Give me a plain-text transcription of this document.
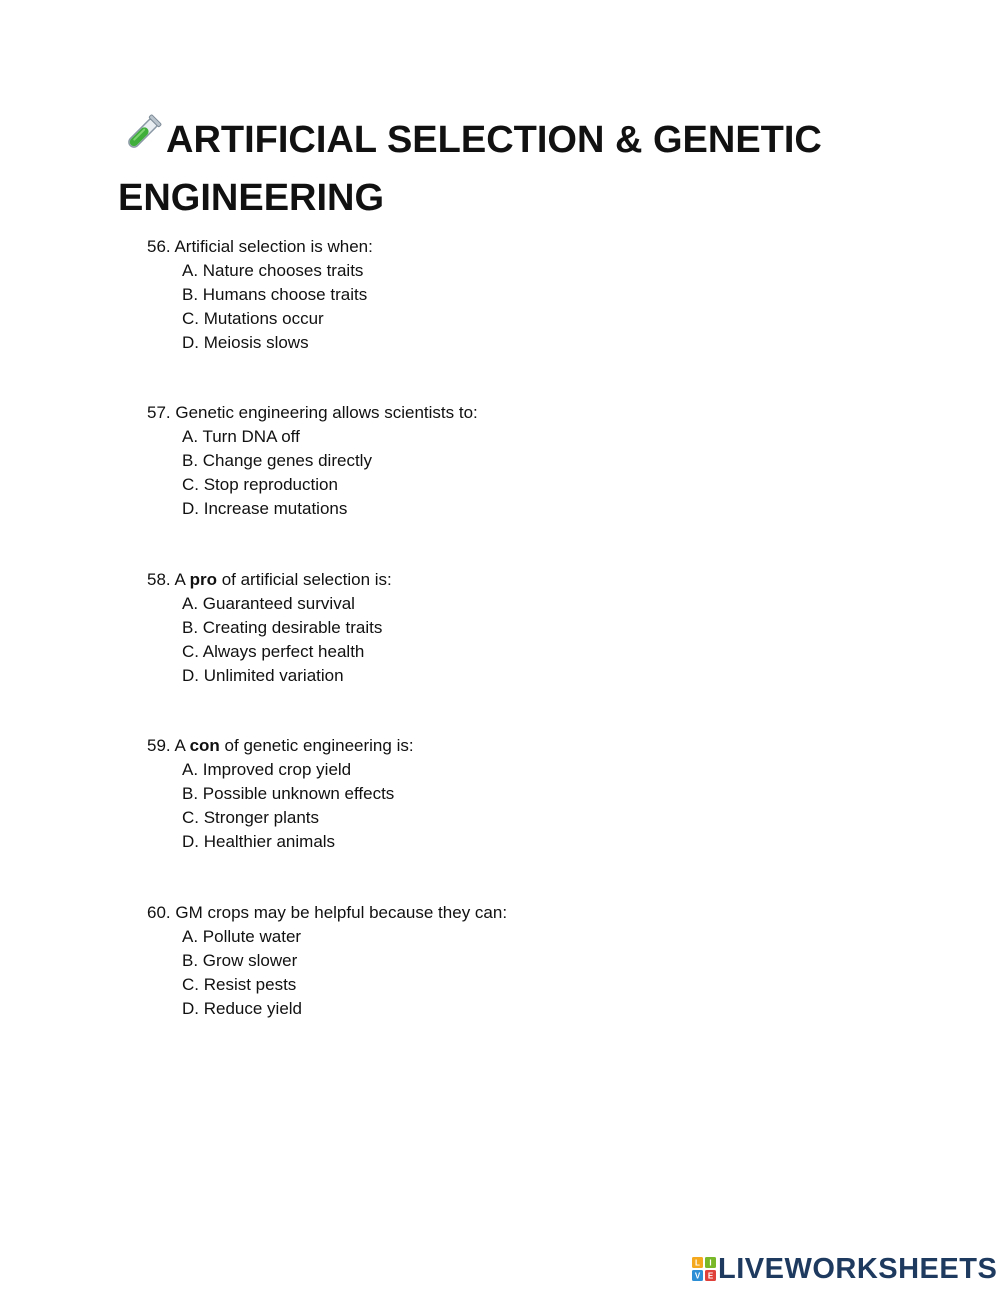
ARTIFICIAL SELECTION & GENETIC ENGINEERING
56. Artificial selection is when:
A. Nature chooses traits
B. Humans choose traits
C. Mutations occur
D. Meiosis slows
57. Genetic engineering allows scientists to:
A. Turn DNA off
B. Change genes directly
C. Stop reproduction
D. Increase mutations
58. A pro of artificial selection is:
A. Guaranteed survival
B. Creating desirable traits
C. Always perfect health
D. Unlimited variation
59. A con of genetic engineering is:
A. Improved crop yield
B. Possible unknown effects
C. Stronger plants
D. Healthier animals
60. GM crops may be helpful because they can:
A. Pollute water
B. Grow slower
C. Resist pests
D. Reduce yield
L I
V E LIVEWORKSHEETS
